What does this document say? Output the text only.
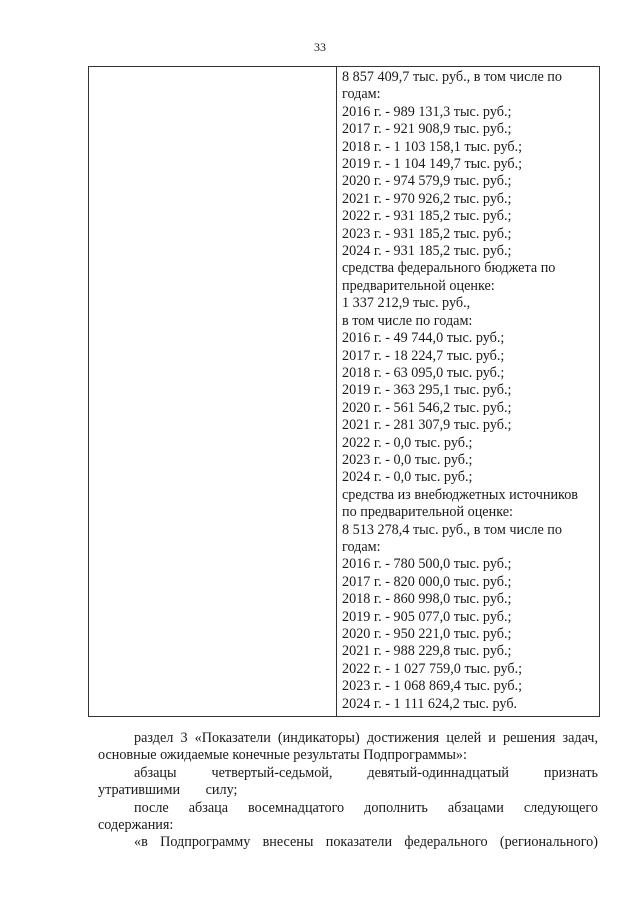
33
8 857 409,7 тыс. руб., в том числе по
годам:
2016 г. - 989 131,3 тыс. руб.;
2017 г. - 921 908,9 тыс. руб.;
2018 г. - 1 103 158,1 тыс. руб.;
2019 г. - 1 104 149,7 тыс. руб.;
2020 г. - 974 579,9 тыс. руб.;
2021 г. - 970 926,2 тыс. руб.;
2022 г. - 931 185,2 тыс. руб.;
2023 г. - 931 185,2 тыс. руб.;
2024 г. - 931 185,2 тыс. руб.;
средства федерального бюджета по
предварительной оценке:
1 337 212,9 тыс. руб.,
в том числе по годам:
2016 г. - 49 744,0 тыс. руб.;
2017 г. - 18 224,7 тыс. руб.;
2018 г. - 63 095,0 тыс. руб.;
2019 г. - 363 295,1 тыс. руб.;
2020 г. - 561 546,2 тыс. руб.;
2021 г. - 281 307,9 тыс. руб.;
2022 г. - 0,0 тыс. руб.;
2023 г. - 0,0 тыс. руб.;
2024 г. - 0,0 тыс. руб.;
средства из внебюджетных источников
по предварительной оценке:
8 513 278,4 тыс. руб., в том числе по
годам:
2016 г. - 780 500,0 тыс. руб.;
2017 г. - 820 000,0 тыс. руб.;
2018 г. - 860 998,0 тыс. руб.;
2019 г. - 905 077,0 тыс. руб.;
2020 г. - 950 221,0 тыс. руб.;
2021 г. - 988 229,8 тыс. руб.;
2022 г. - 1 027 759,0 тыс. руб.;
2023 г. - 1 068 869,4 тыс. руб.;
2024 г. - 1 111 624,2 тыс. руб.

раздел 3 «Показатели (индикаторы) достижения целей и решения задач, основные ожидаемые конечные результаты Подпрограммы»:

абзацы четвертый-седьмой, девятый-одиннадцатый признать утратившими силу;

после абзаца восемнадцатого дополнить абзацами следующего содержания:

«в Подпрограмму внесены показатели федерального (регионального)
